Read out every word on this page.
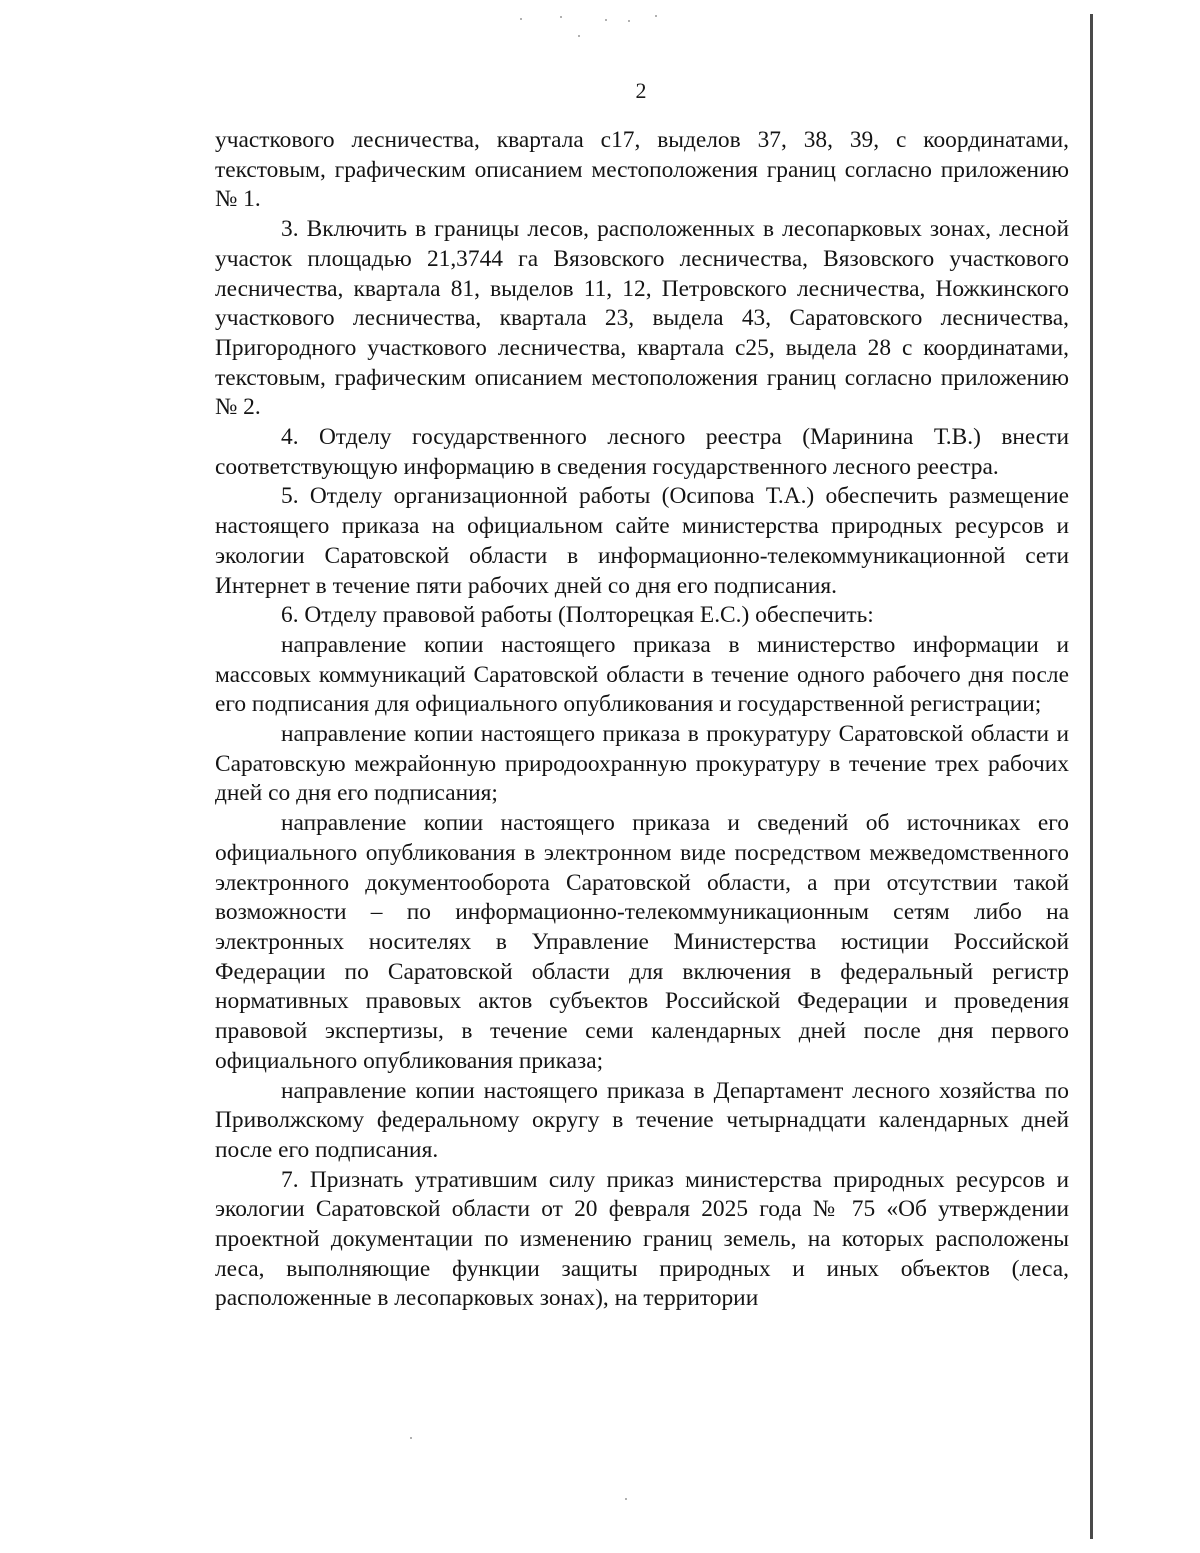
2

участкового лесничества, квартала с17, выделов 37, 38, 39, с координатами, текстовым, графическим описанием местоположения границ согласно приложению № 1.

3. Включить в границы лесов, расположенных в лесопарковых зонах, лесной участок площадью 21,3744 га Вязовского лесничества, Вязовского участкового лесничества, квартала 81, выделов 11, 12, Петровского лесничества, Ножкинского участкового лесничества, квартала 23, выдела 43, Саратовского лесничества, Пригородного участкового лесничества, квартала с25, выдела 28 с координатами, текстовым, графическим описанием местоположения границ согласно приложению № 2.

4. Отделу государственного лесного реестра (Маринина Т.В.) внести соответствующую информацию в сведения государственного лесного реестра.

5. Отделу организационной работы (Осипова Т.А.) обеспечить размещение настоящего приказа на официальном сайте министерства природных ресурсов и экологии Саратовской области в информационно-телекоммуникационной сети Интернет в течение пяти рабочих дней со дня его подписания.

6. Отделу правовой работы (Полторецкая Е.С.) обеспечить:

направление копии настоящего приказа в министерство информации и массовых коммуникаций Саратовской области в течение одного рабочего дня после его подписания для официального опубликования и государственной регистрации;

направление копии настоящего приказа в прокуратуру Саратовской области и Саратовскую межрайонную природоохранную прокуратуру в течение трех рабочих дней со дня его подписания;

направление копии настоящего приказа и сведений об источниках его официального опубликования в электронном виде посредством межведомственного электронного документооборота Саратовской области, а при отсутствии такой возможности – по информационно-телекоммуникационным сетям либо на электронных носителях в Управление Министерства юстиции Российской Федерации по Саратовской области для включения в федеральный регистр нормативных правовых актов субъектов Российской Федерации и проведения правовой экспертизы, в течение семи календарных дней после дня первого официального опубликования приказа;

направление копии настоящего приказа в Департамент лесного хозяйства по Приволжскому федеральному округу в течение четырнадцати календарных дней после его подписания.

7. Признать утратившим силу приказ министерства природных ресурсов и экологии Саратовской области от 20 февраля 2025 года № 75 «Об утверждении проектной документации по изменению границ земель, на которых расположены леса, выполняющие функции защиты природных и иных объектов (леса, расположенные в лесопарковых зонах), на территории
